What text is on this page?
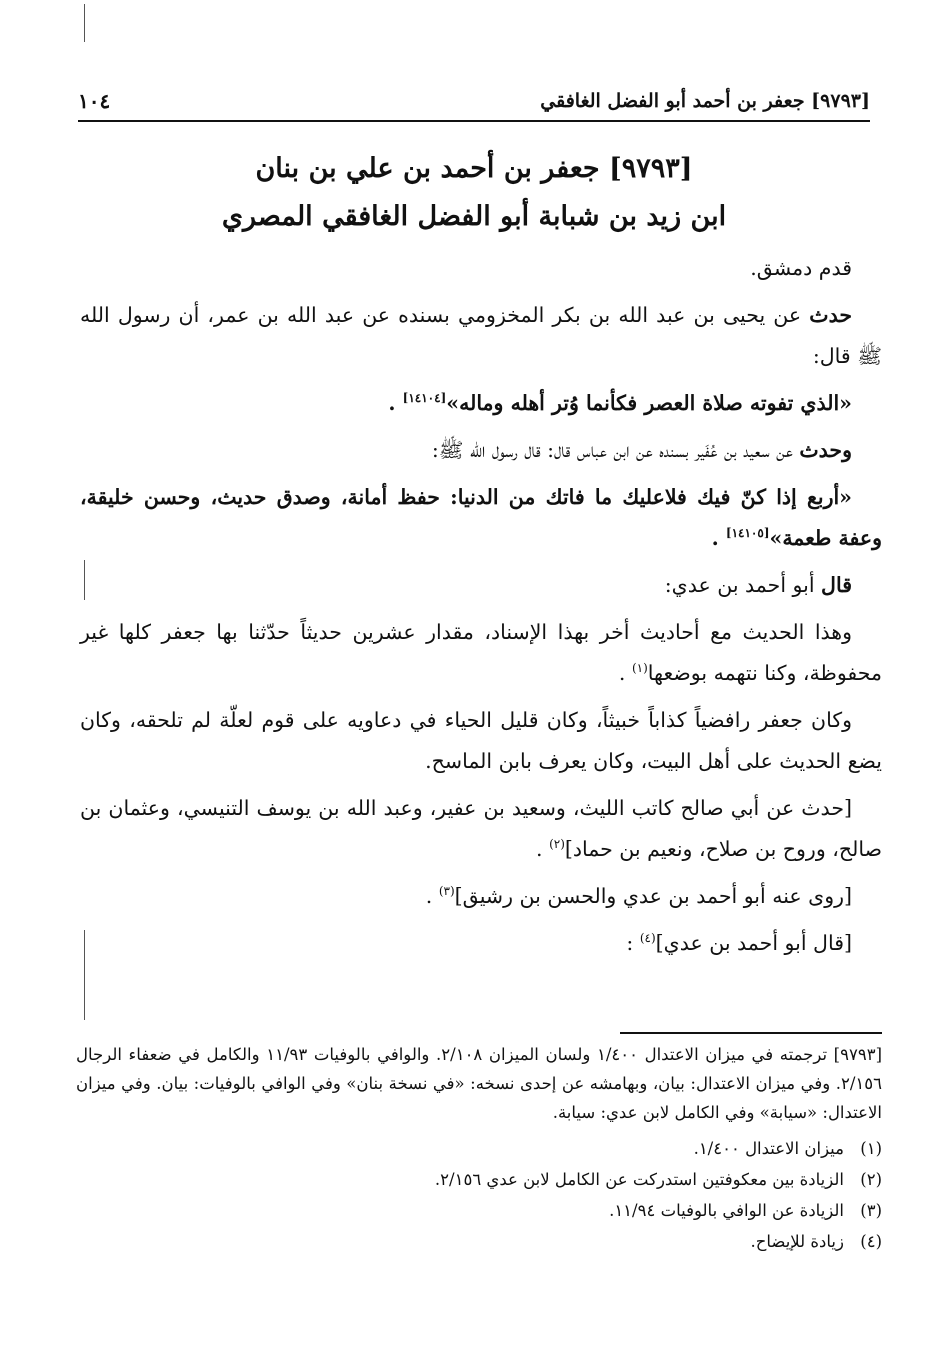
[٩٧٩٣] جعفر بن أحمد أبو الفضل الغافقي
١٠٤
[٩٧٩٣] جعفر بن أحمد بن علي بن بنان
ابن زيد بن شبابة أبو الفضل الغافقي المصري

قدم دمشق.

حدث عن يحيى بن عبد الله بن بكر المخزومي بسنده عن عبد الله بن عمر، أن رسول الله ﷺ قال:

«الذي تفوته صلاة العصر فكأنما وُتر أهله وماله»[١٤١٠٤] .

وحدث عن سعيد بن عُفَير بسنده عن ابن عباس قال: قال رسول الله ﷺ:

«أربع إذا كنّ فيك فلاعليك ما فاتك من الدنيا: حفظ أمانة، وصدق حديث، وحسن خليقة، وعفة طعمة»[١٤١٠٥] .

قال أبو أحمد بن عدي:

وهذا الحديث مع أحاديث أخر بهذا الإسناد، مقدار عشرين حديثاً حدّثنا بها جعفر كلها غير محفوظة، وكنا نتهمه بوضعها$^{(١)}$ .

وكان جعفر رافضياً كذاباً خبيثاً، وكان قليل الحياء في دعاويه على قوم لعلّة لم تلحقه، وكان يضع الحديث على أهل البيت، وكان يعرف بابن الماسح.

[حدث عن أبي صالح كاتب الليث، وسعيد بن عفير، وعبد الله بن يوسف التنيسي، وعثمان بن صالح، وروح بن صلاح، ونعيم بن حماد]$^{(٢)}$ .

[روى عنه أبو أحمد بن عدي والحسن بن رشيق]$^{(٣)}$ .

[قال أبو أحمد بن عدي]$^{(٤)}$ :

[٩٧٩٣] ترجمته في ميزان الاعتدال ١/٤٠٠ ولسان الميزان ٢/١٠٨. والوافي بالوفيات ١١/٩٣ والكامل في ضعفاء الرجال ٢/١٥٦. وفي ميزان الاعتدال: بيان، وبهامشه عن إحدى نسخه: «في نسخة بنان» وفي الوافي بالوفيات: بيان. وفي ميزان الاعتدال: «سيابة» وفي الكامل لابن عدي: سيابة.

(١)ميزان الاعتدال ١/٤٠٠.
(٢)الزيادة بين معكوفتين استدركت عن الكامل لابن عدي ٢/١٥٦.
(٣)الزيادة عن الوافي بالوفيات ١١/٩٤.
(٤)زيادة للإيضاح.
